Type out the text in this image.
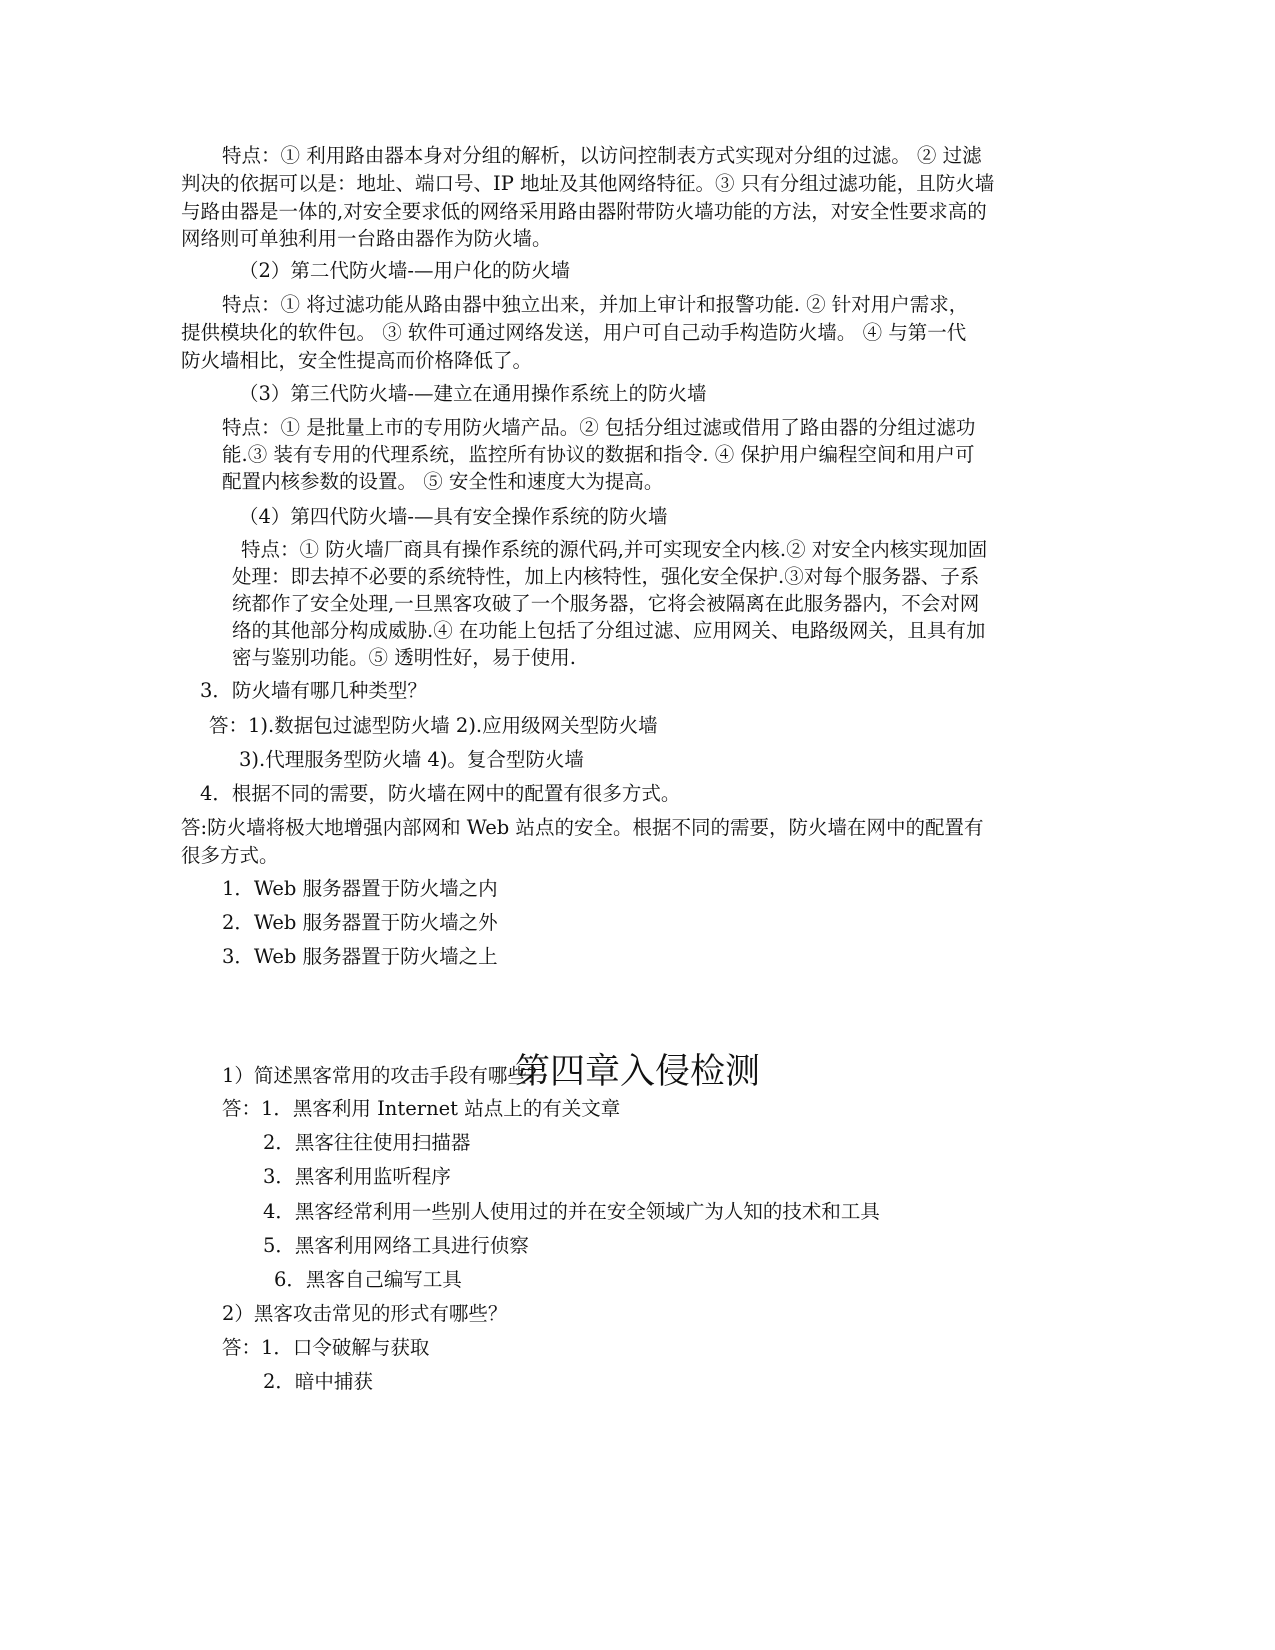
特点：① 利用路由器本身对分组的解析，以访问控制表方式实现对分组的过滤。 ② 过滤
判决的依据可以是：地址、端口号、IP 地址及其他网络特征。③ 只有分组过滤功能，且防火墙
与路由器是一体的,对安全要求低的网络采用路由器附带防火墙功能的方法，对安全性要求高的
网络则可单独利用一台路由器作为防火墙。
（2）第二代防火墙-—用户化的防火墙
特点：① 将过滤功能从路由器中独立出来，并加上审计和报警功能. ② 针对用户需求，
提供模块化的软件包。 ③ 软件可通过网络发送，用户可自己动手构造防火墙。 ④ 与第一代
防火墙相比，安全性提高而价格降低了。
（3）第三代防火墙-—建立在通用操作系统上的防火墙
特点：① 是批量上市的专用防火墙产品。② 包括分组过滤或借用了路由器的分组过滤功
能.③ 装有专用的代理系统，监控所有协议的数据和指令. ④ 保护用户编程空间和用户可
配置内核参数的设置。 ⑤ 安全性和速度大为提高。
（4）第四代防火墙-—具有安全操作系统的防火墙
特点：① 防火墙厂商具有操作系统的源代码,并可实现安全内核.② 对安全内核实现加固
处理：即去掉不必要的系统特性，加上内核特性，强化安全保护.③对每个服务器、子系
统都作了安全处理,一旦黑客攻破了一个服务器，它将会被隔离在此服务器内，不会对网
络的其他部分构成威胁.④ 在功能上包括了分组过滤、应用网关、电路级网关，且具有加
密与鉴别功能。⑤ 透明性好，易于使用.
3．防火墙有哪几种类型？
答：1).数据包过滤型防火墙 2).应用级网关型防火墙
3).代理服务型防火墙 4)。复合型防火墙
4．根据不同的需要，防火墙在网中的配置有很多方式。
答:防火墙将极大地增强内部网和 Web 站点的安全。根据不同的需要，防火墙在网中的配置有
很多方式。
1．Web 服务器置于防火墙之内
2．Web 服务器置于防火墙之外
3．Web 服务器置于防火墙之上
第四章入侵检测
1）简述黑客常用的攻击手段有哪些？
答：1．黑客利用 Internet 站点上的有关文章
2．黑客往往使用扫描器
3．黑客利用监听程序
4．黑客经常利用一些别人使用过的并在安全领域广为人知的技术和工具
5．黑客利用网络工具进行侦察
6．黑客自己编写工具
2）黑客攻击常见的形式有哪些？
答：1．口令破解与获取
2．暗中捕获
